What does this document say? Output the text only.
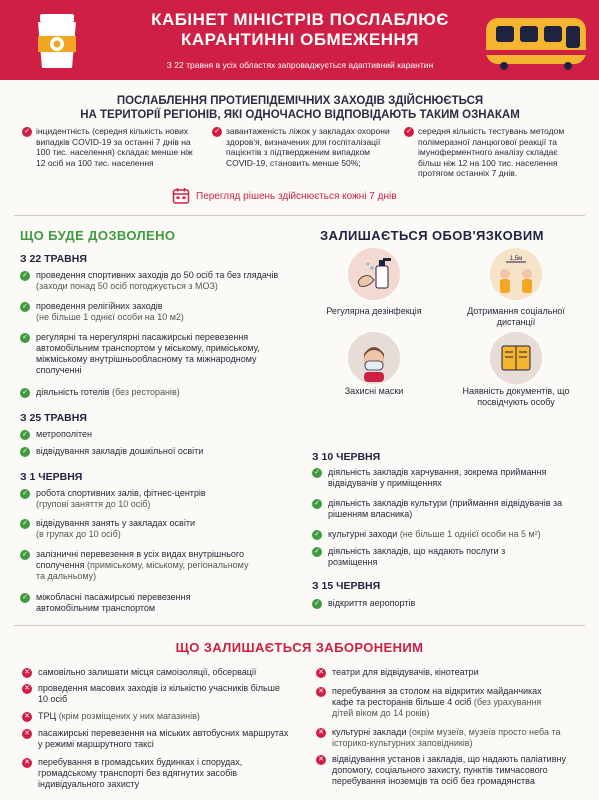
КАБІНЕТ МІНІСТРІВ ПОСЛАБЛЮЄ
КАРАНТИННІ ОБМЕЖЕННЯ
З 22 травня в усіх областях запроваджується адаптивний карантин
ПОСЛАБЛЕННЯ ПРОТИЕПІДЕМІЧНИХ ЗАХОДІВ ЗДІЙСНЮЄТЬСЯ
НА ТЕРИТОРІЇ РЕГІОНІВ, ЯКІ ОДНОЧАСНО ВІДПОВІДАЮТЬ ТАКИМ ОЗНАКАМ
✓ інцидентність (середня кількість нових випадків COVID-19 за останні 7 днів на 100 тис. населення) складає менше ніж 12 осіб на 100 тис. населення
✓ завантаженість ліжок у закладах охорони здоров'я, визначених для госпіталізації пацієнтів з підтвердженим випадком COVID-19, становить менше 50%;
✓ середня кількість тестувань методом полімеразної ланцюгової реакції та імуноферментного аналізу складає більш ніж 12 на 100 тис. населення протягом останніх 7 днів.
Перегляд рішень здійснюється кожні 7 днів
ЩО БУДЕ ДОЗВОЛЕНО
З 22 ТРАВНЯ
✓ проведення спортивних заходів до 50 осіб та без глядачів (заходи понад 50 осіб погоджується з МОЗ)
✓ проведення релігійних заходів
(не більше 1 однієї особи на 10 м2)
✓ регулярні та нерегулярні пасажирські перевезення автомобільним транспортом у міському, приміському, міжміському внутрішньообласному та міжнародному сполученні
✓ діяльність готелів (без ресторанів)
З 25 ТРАВНЯ
✓ метрополітен
✓ відвідування закладів дошкільної освіти
З 1 ЧЕРВНЯ
✓ робота спортивних залів, фітнес-центрів
(групові заняття до 10 осіб)
✓ відвідування занять у закладах освіти
(в групах до 10 осіб)
✓ залізничні перевезення в усіх видах внутрішнього сполучення (приміському, міському, регіональному та дальньому)
✓ міжобласні пасажирські перевезення автомобільним транспортом
ЗАЛИШАЄТЬСЯ ОБОВ'ЯЗКОВИМ
Регулярна дезінфекція
1,5м
Дотримання соціальної дистанції
Захисні маски	Наявність документів, що посвідчують особу
З 10 ЧЕРВНЯ
✓ діяльність закладів харчування, зокрема приймання відвідувачів у приміщеннях
✓ діяльність закладів культури (приймання відвідувачів за рішенням власника)
✓ культурні заходи (не більше 1 однієї особи на 5 м²)
✓ діяльність закладів, що надають послуги з розміщення
З 15 ЧЕРВНЯ
✓ відкриття аеропортів
ЩО ЗАЛИШАЄТЬСЯ ЗАБОРОНЕНИМ
✕ самовільно залишати місця самоізоляції, обсервації
✕ проведення масових заходів із кількістю учасників більше 10 осіб
✕ ТРЦ (крім розміщених у них магазинів)
✕ пасажирські перевезення на міських автобусних маршрутах у режимі маршрутного таксі
✕ перебування в громадських будинках і спорудах, громадському транспорті без вдягнутих засобів індивідуального захисту
✕ театри для відвідувачів, кінотеатри
✕ перебування за столом на відкритих майданчиках кафе та ресторанів більше 4 осіб (без урахування дітей віком до 14 років)
✕ культурні заклади (окрім музеїв, музеїв просто неба та історико-культурних заповідників)
✕ відвідування установ і закладів, що надають паліативну допомогу, соціального захисту, пунктів тимчасового перебування іноземців та осіб без громадянства
